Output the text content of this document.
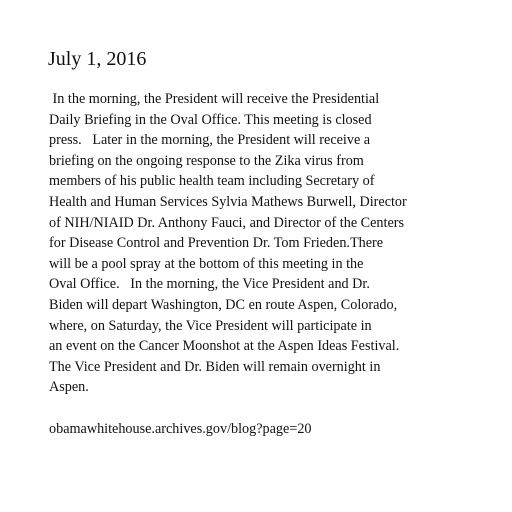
July 1, 2016
In the morning, the President will receive the Presidential
Daily Briefing in the Oval Office. This meeting is closed
press.   Later in the morning, the President will receive a
briefing on the ongoing response to the Zika virus from
members of his public health team including Secretary of
Health and Human Services Sylvia Mathews Burwell, Director
of NIH/NIAID Dr. Anthony Fauci, and Director of the Centers
for Disease Control and Prevention Dr. Tom Frieden.There
will be a pool spray at the bottom of this meeting in the
Oval Office.   In the morning, the Vice President and Dr.
Biden will depart Washington, DC en route Aspen, Colorado,
where, on Saturday, the Vice President will participate in
an event on the Cancer Moonshot at the Aspen Ideas Festival.
The Vice President and Dr. Biden will remain overnight in
Aspen.
obamawhitehouse.archives.gov/blog?page=20
